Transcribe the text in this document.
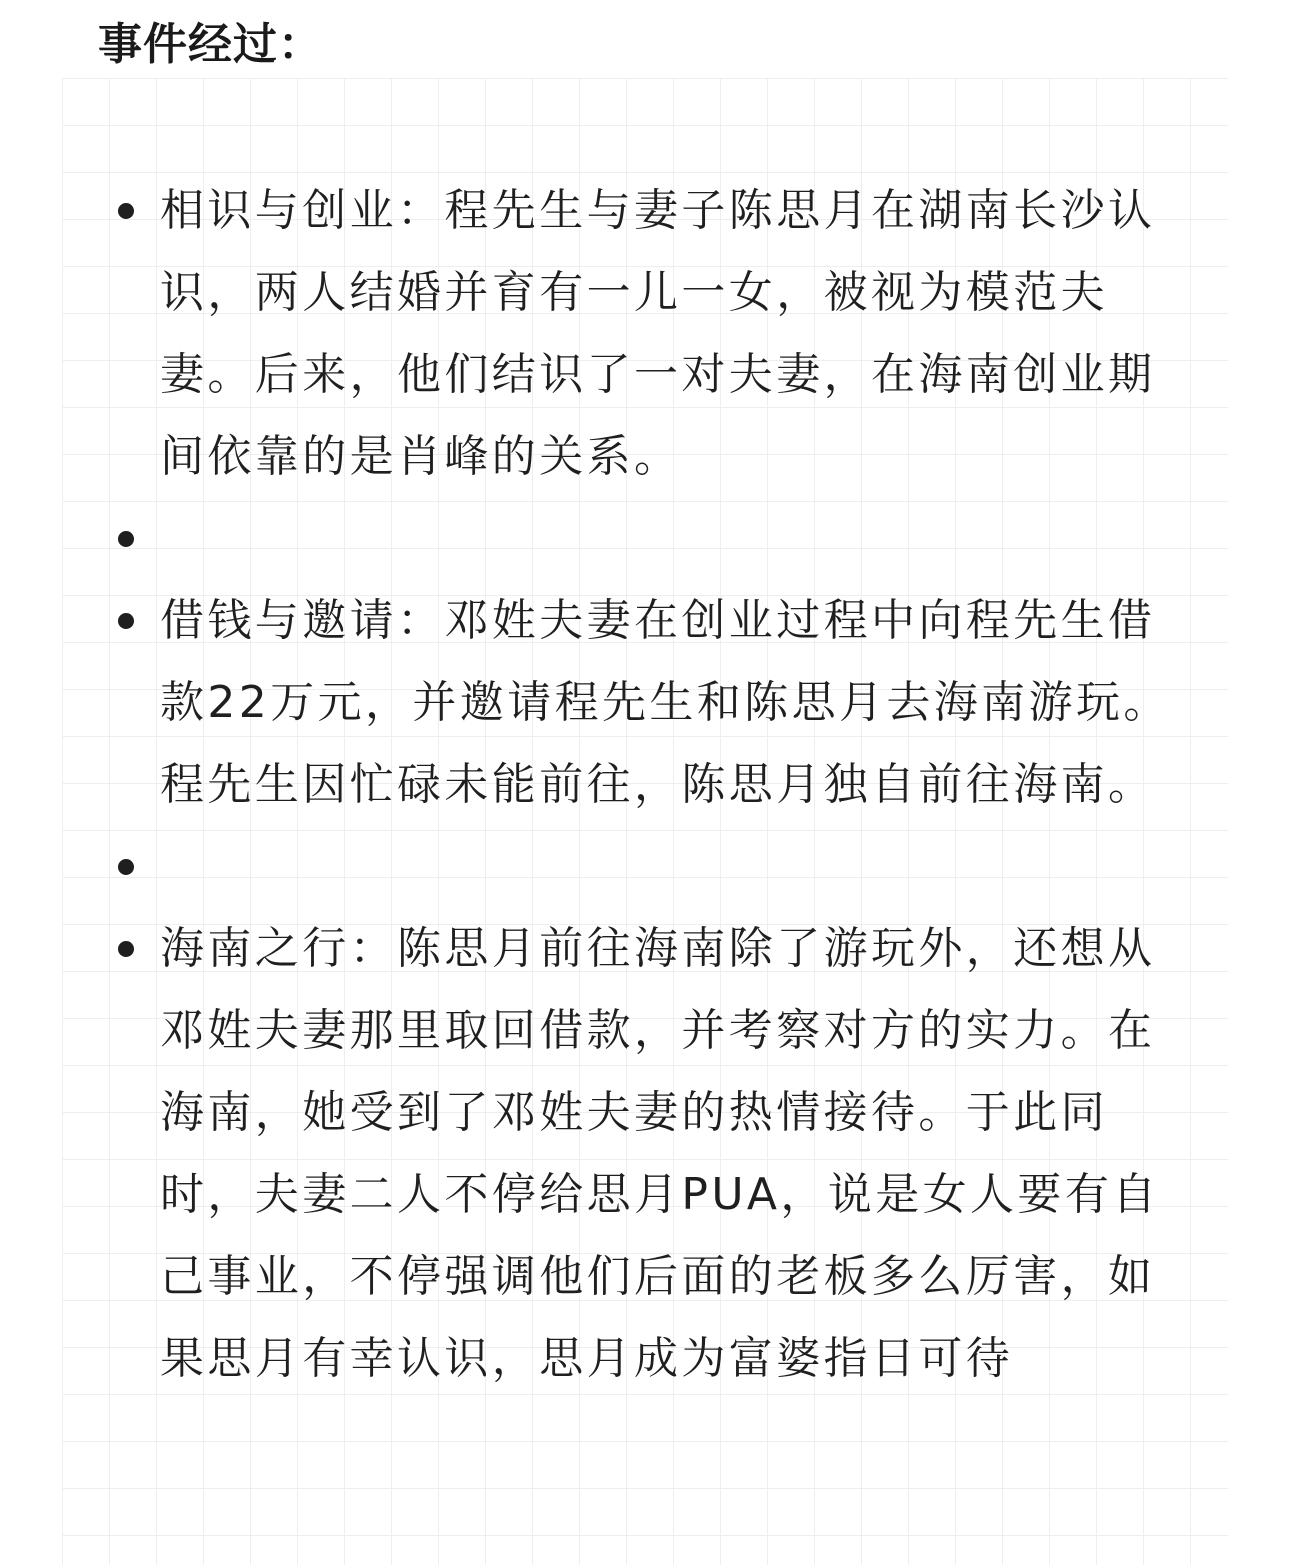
事件经过：
相识与创业：程先生与妻子陈思月在湖南长沙认识，两人结婚并育有一儿一女，被视为模范夫妻。后来，他们结识了一对夫妻，在海南创业期间依靠的是肖峰的关系。
借钱与邀请：邓姓夫妻在创业过程中向程先生借款22万元，并邀请程先生和陈思月去海南游玩。程先生因忙碌未能前往，陈思月独自前往海南。
海南之行：陈思月前往海南除了游玩外，还想从邓姓夫妻那里取回借款，并考察对方的实力。在海南，她受到了邓姓夫妻的热情接待。于此同时，夫妻二人不停给思月PUA，说是女人要有自己事业，不停强调他们后面的老板多么厉害，如果思月有幸认识，思月成为富婆指日可待
